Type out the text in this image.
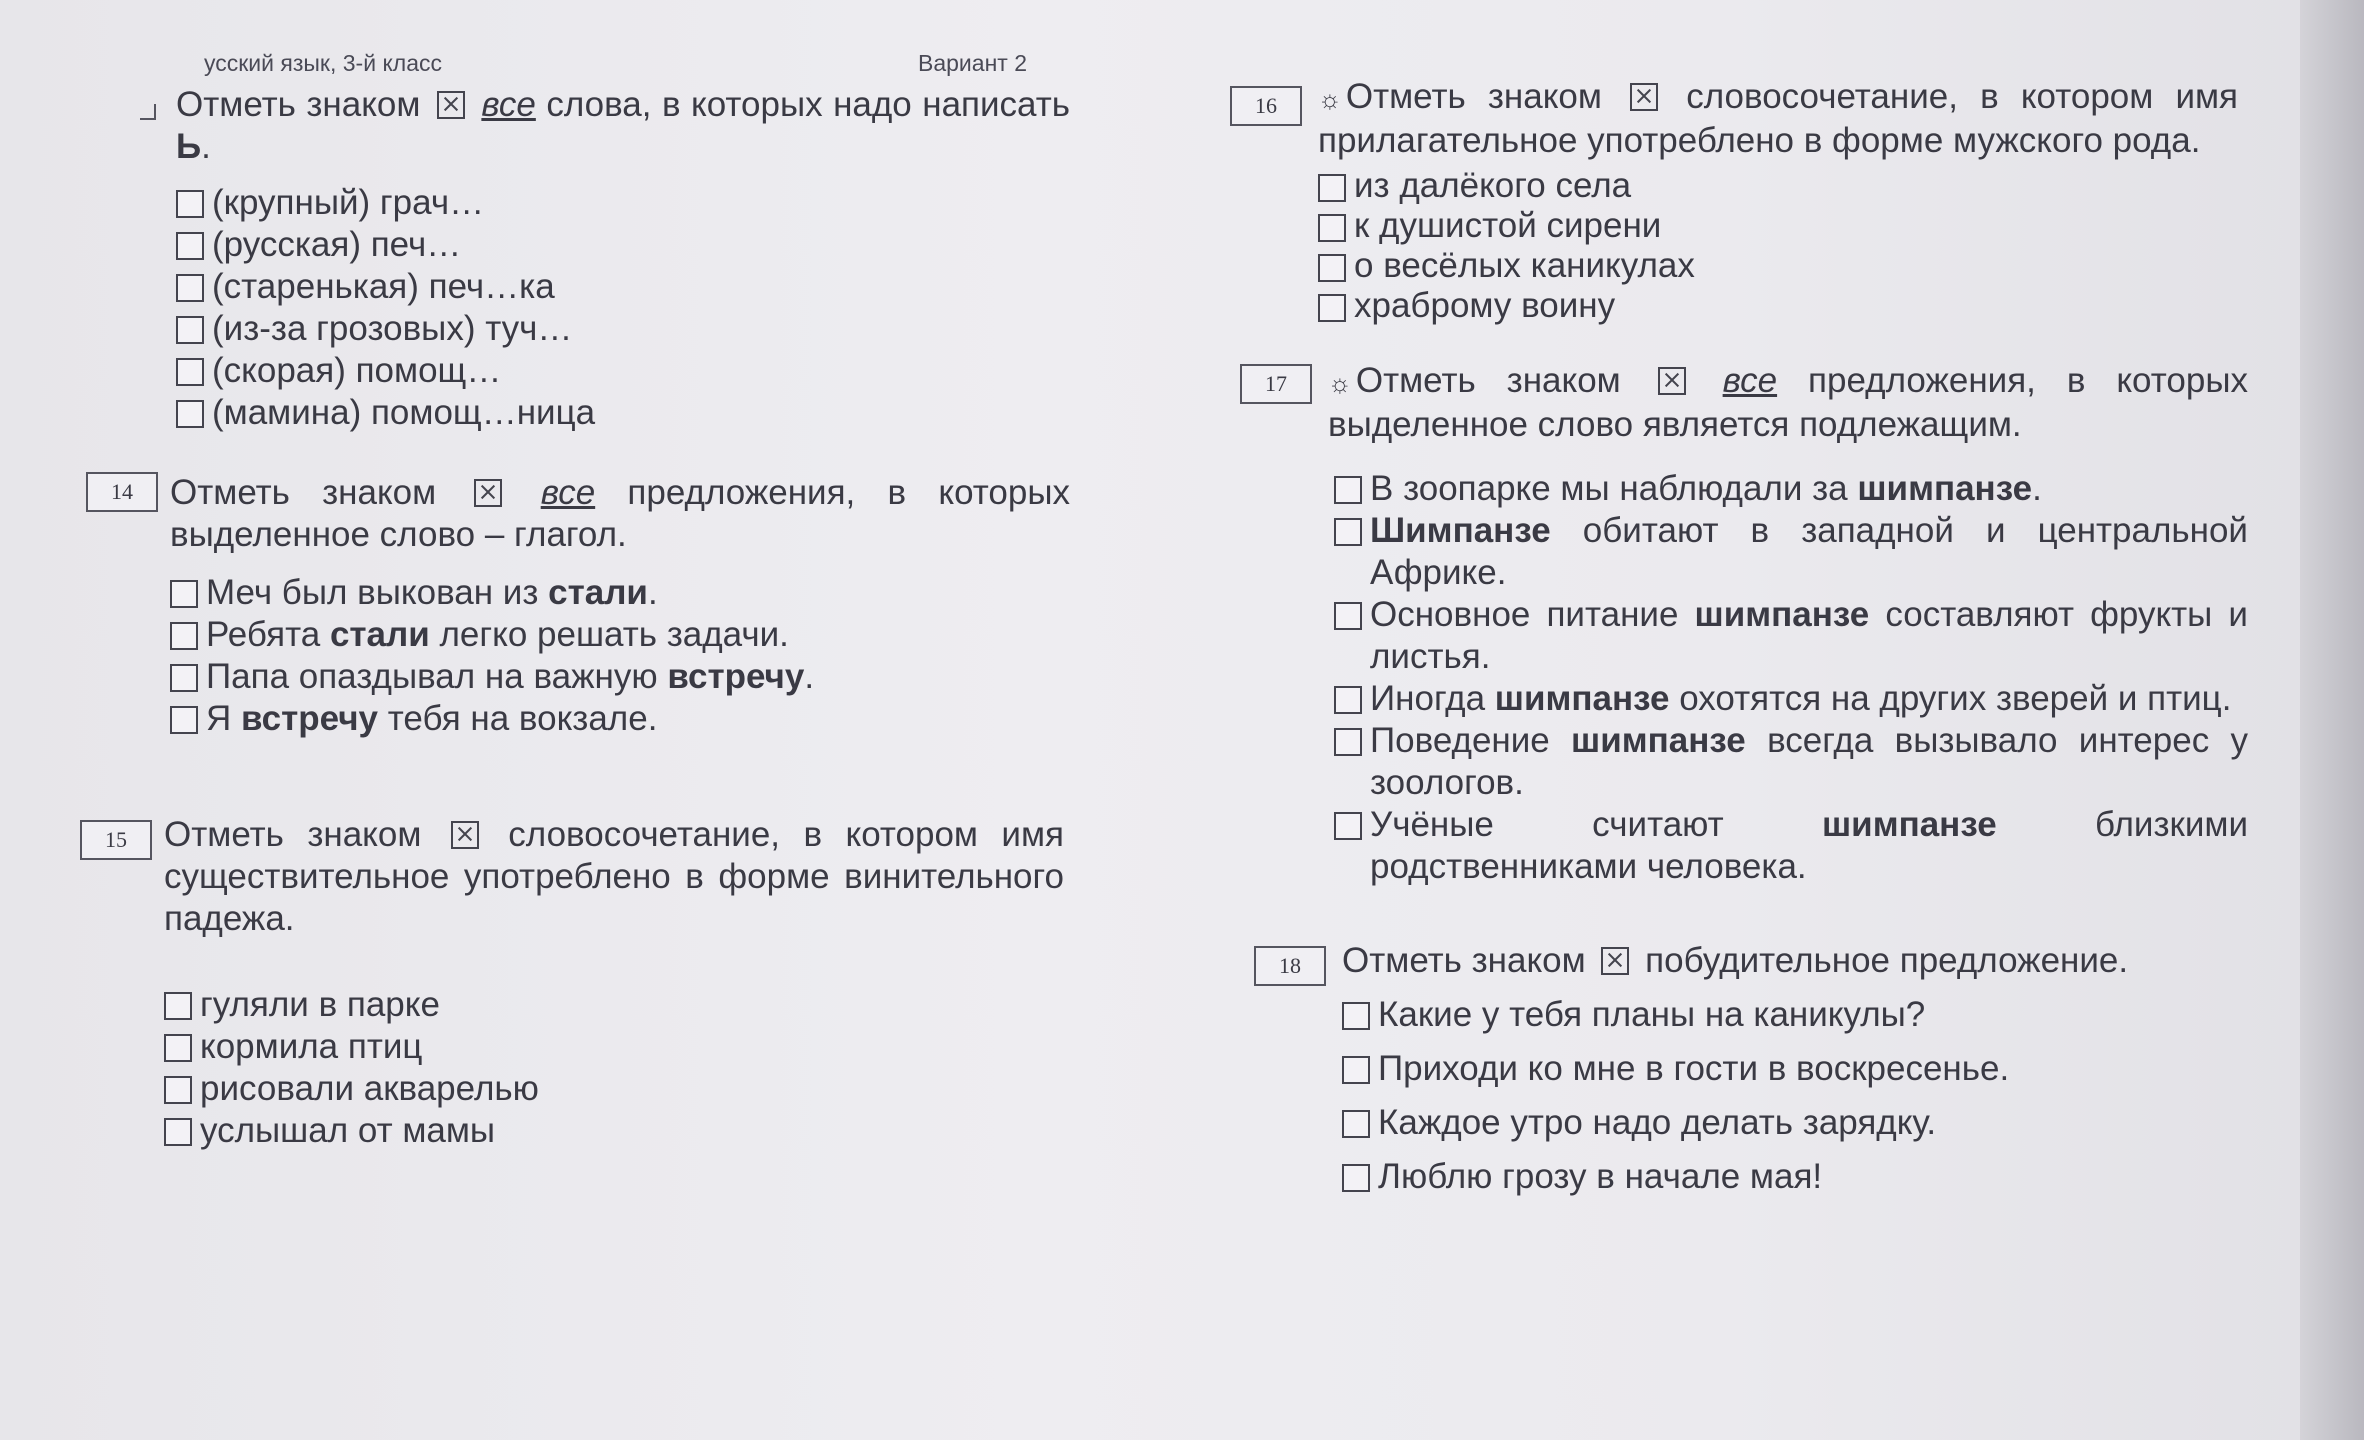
усский язык, 3-й класс	Вариант 2
Отметь знаком все слова, в которых надо написать Ь.
(крупный) грач…
(русская) печ…
(старенькая) печ…ка
(из-за грозовых) туч…
(скорая) помощ…
(мамина) помощ…ница
14	Отметь знаком	все предложения, в которых выделенное слово – глагол.
Меч был выкован из стали.
Ребята стали легко решать задачи.
Папа опаздывал на важную встречу.
Я встречу тебя на вокзале.
15	Отметь знаком словосочетание, в котором имя существительное употреблено в форме винительного падежа.
гуляли в парке
кормила птиц
рисовали акварелью
услышал от мамы
16	☼ Отметь знаком словосочетание, в котором имя прилагательное употреблено в форме мужского рода.
из далёкого села
к душистой сирени
о весёлых каникулах
храброму воину
17	☼ Отметь знаком	все предложения, в которых выделенное слово является подлежащим.
В зоопарке мы наблюдали за шимпанзе.
Шимпанзе обитают в западной и центральной Африке.
Основное питание шимпанзе составляют фрукты и листья.
Иногда шимпанзе охотятся на других зверей и птиц.
Поведение шимпанзе всегда вызывало интерес у зоологов.
Учёные считают шимпанзе близкими родственниками человека.
18	Отметь знаком побудительное предложение.
Какие у тебя планы на каникулы?
Приходи ко мне в гости в воскресенье.
Каждое утро надо делать зарядку.
Люблю грозу в начале мая!
